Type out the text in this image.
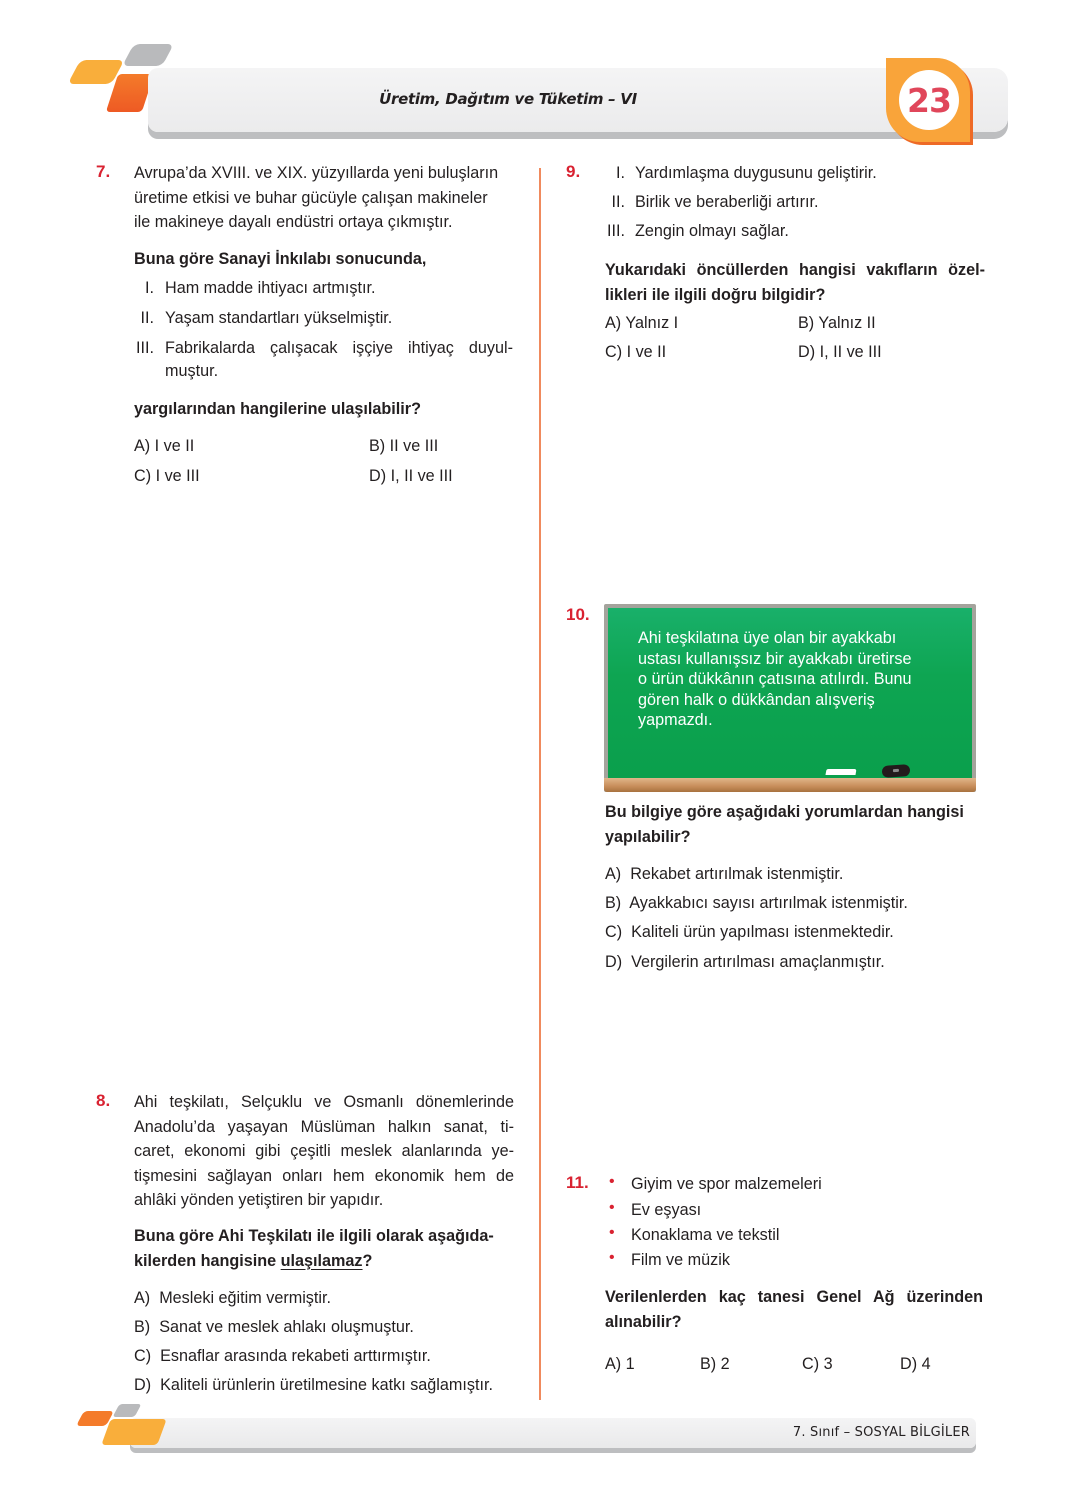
Üretim, Dağıtım ve Tüketim – VI	23
7. Avrupa’da XVIII. ve XIX. yüzyıllarda yeni buluşların
üretime etkisi ve buhar gücüyle çalışan makineler
ile makineye dayalı endüstri ortaya çıkmıştır.
Buna göre Sanayi İnkılabı sonucunda,
I. Ham madde ihtiyacı artmıştır.
II. Yaşam standartları yükselmiştir.
III. Fabrikalarda çalışacak işçiye ihtiyaç duyul-
muştur.
yargılarından hangilerine ulaşılabilir?
A) I ve II	B) II ve III
C) I ve III	D) I, II ve III
8. Ahi teşkilatı, Selçuklu ve Osmanlı dönemlerinde
Anadolu’da yaşayan Müslüman halkın sanat, ti-
caret, ekonomi gibi çeşitli meslek alanlarında ye-
tişmesini sağlayan onları hem ekonomik hem de
ahlâki yönden yetiştiren bir yapıdır.
Buna göre Ahi Teşkilatı ile ilgili olarak aşağıda-
kilerden hangisine ulaşılamaz?
A) Mesleki eğitim vermiştir.
B) Sanat ve meslek ahlakı oluşmuştur.
C) Esnaflar arasında rekabeti arttırmıştır.
D) Kaliteli ürünlerin üretilmesine katkı sağlamıştır.
9.	I. Yardımlaşma duygusunu geliştirir.
II. Birlik ve beraberliği artırır.
III. Zengin olmayı sağlar.
Yukarıdaki öncüllerden hangisi vakıfların özel-
likleri ile ilgili doğru bilgidir?
A) Yalnız I	B) Yalnız II
C) I ve II	D) I, II ve III
10.
Ahi teşkilatına üye olan bir ayakkabı
ustası kullanışsız bir ayakkabı üretirse
o ürün dükkânın çatısına atılırdı. Bunu
gören halk o dükkândan alışveriş
yapmazdı.
Bu bilgiye göre aşağıdaki yorumlardan hangisi
yapılabilir?
A) Rekabet artırılmak istenmiştir.
B) Ayakkabıcı sayısı artırılmak istenmiştir.
C) Kaliteli ürün yapılması istenmektedir.
D) Vergilerin artırılması amaçlanmıştır.
11. • Giyim ve spor malzemeleri
• Ev eşyası
• Konaklama ve tekstil
• Film ve müzik
Verilenlerden kaç tanesi Genel Ağ üzerinden
alınabilir?
A) 1	B) 2	C) 3	D) 4
7. Sınıf – SOSYAL BİLGİLER
